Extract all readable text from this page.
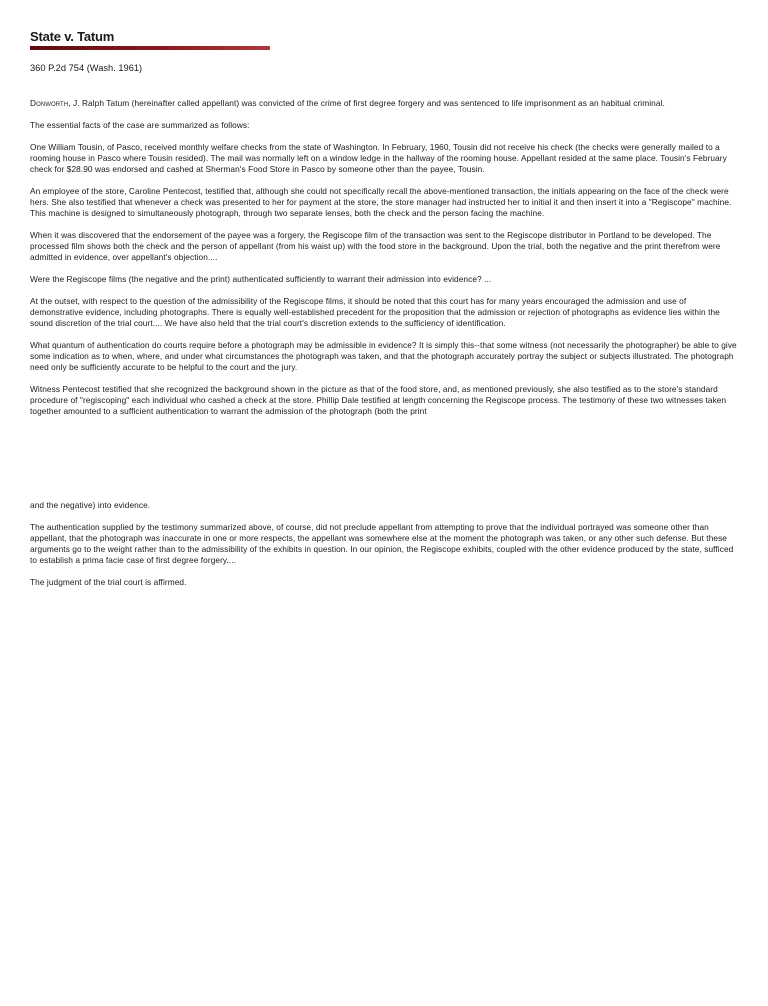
State v. Tatum
360 P.2d 754 (Wash. 1961)

Donworth, J. Ralph Tatum (hereinafter called appellant) was convicted of the crime of first degree forgery and was sentenced to life imprisonment as an habitual criminal.

The essential facts of the case are summarized as follows:

One William Tousin, of Pasco, received monthly welfare checks from the state of Washington. In February, 1960, Tousin did not receive his check (the checks were generally mailed to a rooming house in Pasco where Tousin resided). The mail was normally left on a window ledge in the hallway of the rooming house. Appellant resided at the same place. Tousin's February check for $28.90 was endorsed and cashed at Sherman's Food Store in Pasco by someone other than the payee, Tousin.

An employee of the store, Caroline Pentecost, testified that, although she could not specifically recall the above-mentioned transaction, the initials appearing on the face of the check were hers. She also testified that whenever a check was presented to her for payment at the store, the store manager had instructed her to initial it and then insert it into a "Regiscope" machine. This machine is designed to simultaneously photograph, through two separate lenses, both the check and the person facing the machine.

When it was discovered that the endorsement of the payee was a forgery, the Regiscope film of the transaction was sent to the Regiscope distributor in Portland to be developed. The processed film shows both the check and the person of appellant (from his waist up) with the food store in the background. Upon the trial, both the negative and the print therefrom were admitted in evidence, over appellant's objection....

Were the Regiscope films (the negative and the print) authenticated sufficiently to warrant their admission into evidence? ...

At the outset, with respect to the question of the admissibility of the Regiscope films, it should be noted that this court has for many years encouraged the admission and use of demonstrative evidence, including photographs. There is equally well-established precedent for the proposition that the admission or rejection of photographs as evidence lies within the sound discretion of the trial court.... We have also held that the trial court's discretion extends to the sufficiency of identification.

What quantum of authentication do courts require before a photograph may be admissible in evidence? It is simply this--that some witness (not necessarily the photographer) be able to give some indication as to when, where, and under what circumstances the photograph was taken, and that the photograph accurately portray the subject or subjects illustrated. The photograph need only be sufficiently accurate to be helpful to the court and the jury.

Witness Pentecost testified that she recognized the background shown in the picture as that of the food store, and, as mentioned previously, she also testified as to the store's standard procedure of "regiscoping" each individual who cashed a check at the store. Phillip Dale testified at length concerning the Regiscope process. The testimony of these two witnesses taken together amounted to a sufficient authentication to warrant the admission of the photograph (both the print

and the negative) into evidence.

The authentication supplied by the testimony summarized above, of course, did not preclude appellant from attempting to prove that the individual portrayed was someone other than appellant, that the photograph was inaccurate in one or more respects, the appellant was somewhere else at the moment the photograph was taken, or any other such defense. But these arguments go to the weight rather than to the admissibility of the exhibits in question. In our opinion, the Regiscope exhibits, coupled with the other evidence produced by the state, sufficed to establish a prima facie case of first degree forgery....

The judgment of the trial court is affirmed.
